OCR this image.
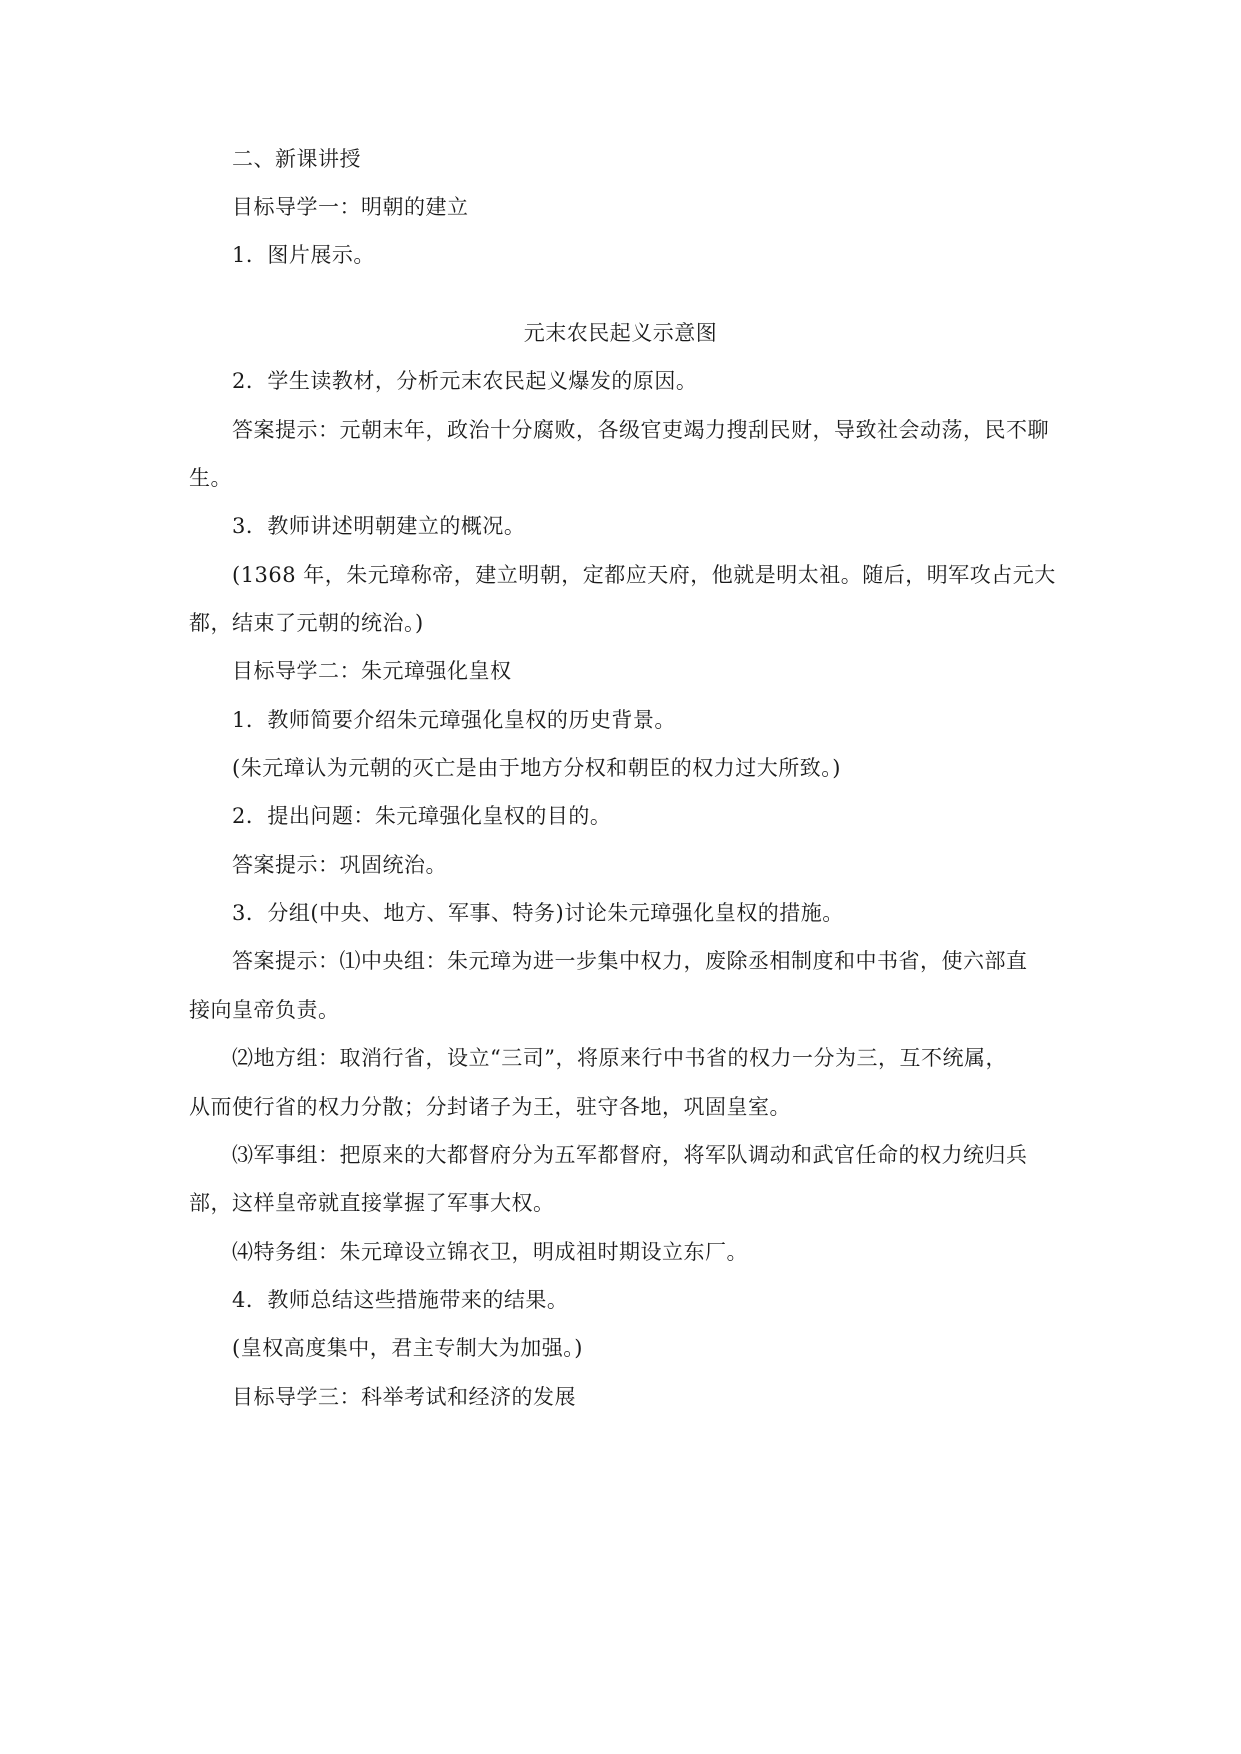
二、新课讲授
目标导学一：明朝的建立
1．图片展示。
元末农民起义示意图
2．学生读教材，分析元末农民起义爆发的原因。
答案提示：元朝末年，政治十分腐败，各级官吏竭力搜刮民财，导致社会动荡，民不聊
生。
3．教师讲述明朝建立的概况。
(1368 年，朱元璋称帝，建立明朝，定都应天府，他就是明太祖。随后，明军攻占元大
都，结束了元朝的统治。)
目标导学二：朱元璋强化皇权
1．教师简要介绍朱元璋强化皇权的历史背景。
(朱元璋认为元朝的灭亡是由于地方分权和朝臣的权力过大所致。)
2．提出问题：朱元璋强化皇权的目的。
答案提示：巩固统治。
3．分组(中央、地方、军事、特务)讨论朱元璋强化皇权的措施。
答案提示：⑴中央组：朱元璋为进一步集中权力，废除丞相制度和中书省，使六部直
接向皇帝负责。
⑵地方组：取消行省，设立“三司”，将原来行中书省的权力一分为三，互不统属，
从而使行省的权力分散；分封诸子为王，驻守各地，巩固皇室。
⑶军事组：把原来的大都督府分为五军都督府，将军队调动和武官任命的权力统归兵
部，这样皇帝就直接掌握了军事大权。
⑷特务组：朱元璋设立锦衣卫，明成祖时期设立东厂。
4．教师总结这些措施带来的结果。
(皇权高度集中，君主专制大为加强。)
目标导学三：科举考试和经济的发展
